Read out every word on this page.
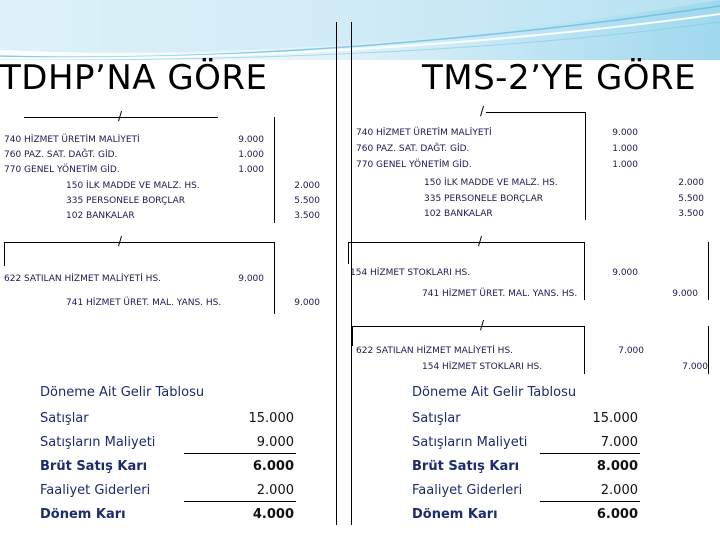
TDHP’NA GÖRE	TMS-2’YE GÖRE
/
740 HİZMET ÜRETİM MALİYETİ	9.000
760 PAZ. SAT. DAĞT. GİD.	1.000
770 GENEL YÖNETİM GİD.	1.000
150 İLK MADDE VE MALZ. HS.	2.000
335 PERSONELE BORÇLAR	5.500
102 BANKALAR	3.500
/
622 SATILAN HİZMET MALİYETİ HS.	9.000
741 HİZMET ÜRET. MAL. YANS. HS.	9.000
/
740 HİZMET ÜRETİM MALİYETİ	9.000
760 PAZ. SAT. DAĞT. GİD.	1.000
770 GENEL YÖNETİM GİD.	1.000
150 İLK MADDE VE MALZ. HS.	2.000
335 PERSONELE BORÇLAR	5.500
102 BANKALAR	3.500
/
154 HİZMET STOKLARI HS.	9.000
741 HİZMET ÜRET. MAL. YANS. HS.	9.000
/
622 SATILAN HİZMET MALİYETİ HS.	7.000
154 HİZMET STOKLARI HS.	7.000
Döneme Ait Gelir Tablosu
Satışlar	15.000
Satışların Maliyeti	9.000
Brüt Satış Karı	6.000
Faaliyet Giderleri	2.000
Dönem Karı	4.000
Döneme Ait Gelir Tablosu
Satışlar	15.000
Satışların Maliyeti	7.000
Brüt Satış Karı	8.000
Faaliyet Giderleri	2.000
Dönem Karı	6.000
